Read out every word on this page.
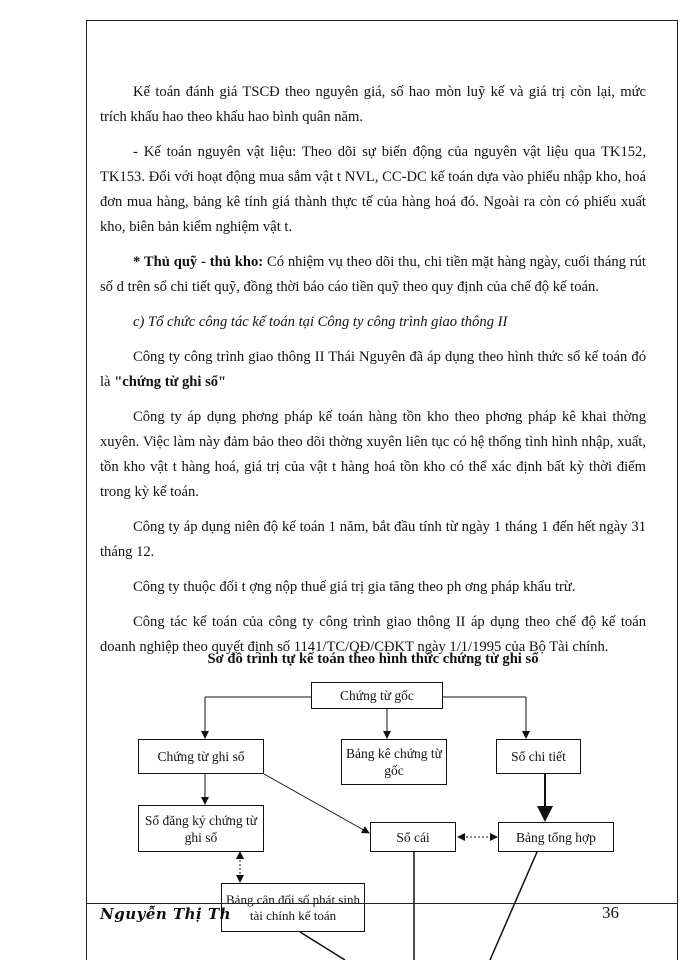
Kế toán đánh giá TSCĐ theo nguyên giá, số hao mòn luỹ kế và giá trị còn lại, mức trích khấu hao theo khấu hao bình quân năm.

- Kế toán nguyên vật liệu: Theo dõi sự biến động của nguyên vật liệu qua TK152, TK153. Đối với hoạt động mua sắm vật t NVL, CC-DC kế toán dựa vào phiếu nhập kho, hoá đơn mua hàng, bảng kê tính giá thành thực tế của hàng hoá đó. Ngoài ra còn có phiếu xuất kho, biên bản kiểm nghiệm vật t.

* Thủ quỹ - thủ kho: Có nhiệm vụ theo dõi thu, chi tiền mặt hàng ngày, cuối tháng rút số d trên sổ chi tiết quỹ, đồng thời báo cáo tiền quỹ theo quy định của chế độ kế toán.

c) Tổ chức công tác kế toán tại Công ty công trình giao thông II

Công ty công trình giao thông II Thái Nguyên đã áp dụng theo hình thức sổ kế toán đó là "chứng từ ghi sổ"

Công ty áp dụng phơng pháp kế toán hàng tồn kho theo phơng pháp kê khai thờng xuyên. Việc làm này đảm bảo theo dõi thờng xuyên liên tục có hệ thống tình hình nhập, xuất, tồn kho vật t hàng hoá, giá trị của vật t hàng hoá tồn kho có thể xác định bất kỳ thời điểm trong kỳ kế toán.

Công ty áp dụng niên độ kế toán 1 năm, bắt đầu tính từ ngày 1 tháng 1 đến hết ngày 31 tháng 12.

Công ty thuộc đối t ợng nộp thuế giá trị gia tăng theo ph ơng pháp khấu trừ.

Công tác kế toán của công ty công trình giao thông II áp dụng theo chế độ kế toán doanh nghiệp theo quyết định số 1141/TC/QĐ/CĐKT ngày 1/1/1995 của Bộ Tài chính.

Sơ đồ trình tự kế toán theo hình thức chứng từ ghi sổ
Chứng từ gốc
Chứng từ ghi sổ	Bảng kê chứng từ gốc
Sổ chi tiết
Sổ đăng ký chứng từ ghi sổ	Sổ cái	Bảng tổng hợp
Bảng cân đối số phát sinh tài chính kế toán
Nguyễn Thị Th	36
